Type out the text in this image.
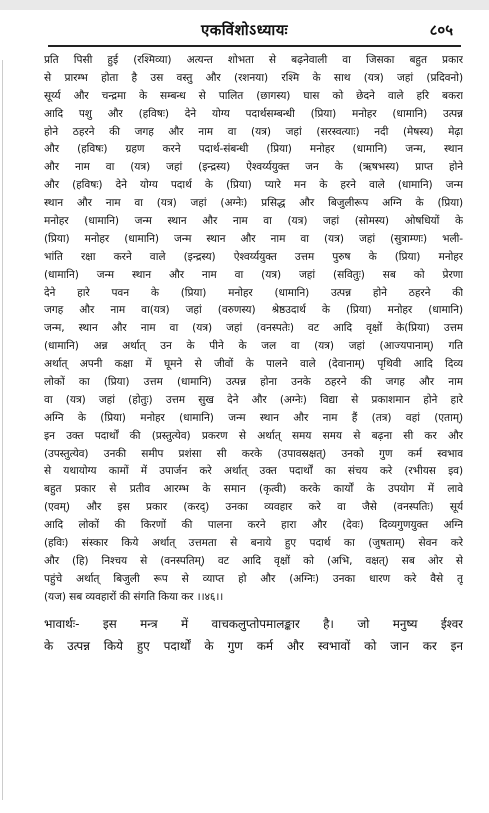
एकविंशोऽध्यायः	८०५
प्रति पिसी हुई (रश्मिव्या) अत्यन्त शोभता से बढ़नेवाली वा जिसका बहुत प्रकार
से प्रारम्भ होता है उस वस्तु और (रशनया) रश्मि के साथ (यत्र) जहां (प्रदिवनो)
सूर्य्य और चन्द्रमा के सम्बन्ध से पालित (छागस्य) घास को छेदने वाले हरि बकरा
आदि पशु और (हविषः) देने योग्य पदार्थसम्बन्धी (प्रिया) मनोहर (धामानि) उत्पन्न
होने ठहरने की जगह और नाम वा (यत्र) जहां (सरस्वत्याः) नदी (मेषस्य) मेढ़ा
और (हविषः) ग्रहण करने पदार्थ-संबन्धी (प्रिया) मनोहर (धामानि) जन्म, स्थान
और नाम वा (यत्र) जहां (इन्द्रस्य) ऐश्वर्य्ययुक्त जन के (ऋषभस्य) प्राप्त होने
और (हविषः) देने योग्य पदार्थ के (प्रिया) प्यारे मन के हरने वाले (धामानि) जन्म
स्थान और नाम वा (यत्र) जहां (अग्नेः) प्रसिद्ध और बिजुलीरूप अग्नि के (प्रिया)
मनोहर (धामानि) जन्म स्थान और नाम वा (यत्र) जहां (सोमस्य) ओषधियों के
(प्रिया) मनोहर (धामानि) जन्म स्थान और नाम वा (यत्र) जहां (सुत्राम्णः) भली-
भांति रक्षा करने वाले (इन्द्रस्य) ऐश्वर्य्ययुक्त उत्तम पुरुष के (प्रिया) मनोहर
(धामानि) जन्म स्थान और नाम वा (यत्र) जहां (सवितुः) सब को प्रेरणा
देने हारे पवन के (प्रिया) मनोहर (धामानि) उत्पन्न होने ठहरने की
जगह और नाम वा(यत्र) जहां (वरुणस्य) श्रेष्ठउदार्थ के (प्रिया) मनोहर (धामानि)
जन्म, स्थान और नाम वा (यत्र) जहां (वनस्पतेः) वट आदि वृक्षों के(प्रिया) उत्तम
(धामानि) अन्न अर्थात् उन के पीने के जल वा (यत्र) जहां (आज्यपानाम्) गति
अर्थात् अपनी कक्षा में घूमने से जीवों के पालने वाले (देवानाम्) पृथिवी आदि दिव्य
लोकों का (प्रिया) उत्तम (धामानि) उत्पन्न होना उनके ठहरने की जगह और नाम
वा (यत्र) जहां (होतुः) उत्तम सुख देने और (अग्नेः) विद्या से प्रकाशमान होने हारे
अग्नि के (प्रिया) मनोहर (धामानि) जन्म स्थान और नाम हैं (तत्र) वहां (एताम्)
इन उक्त पदार्थों की (प्रस्तुत्येव) प्रकरण से अर्थात् समय समय से बढ़ना सी कर और
(उपस्तुत्येव) उनकी समीप प्रशंसा सी करके (उपावस्रक्षत्) उनको गुण कर्म स्वभाव
से यथायोग्य कामों में उपार्जन करे अर्थात् उक्त पदार्थों का संचय करे (रभीयस इव)
बहुत प्रकार से प्रतीव आरम्भ के समान (कृत्वी) करके कार्यों के उपयोग में लावे
(एवम्) और इस प्रकार (करद्) उनका व्यवहार करे वा जैसे (वनस्पतिः) सूर्य
आदि लोकों की किरणों की पालना करने हारा और (देवः) दिव्यगुणयुक्त अग्नि
(हविः) संस्कार किये अर्थात् उत्तमता से बनाये हुए पदार्थ का (जुषताम्) सेवन करे
और (हि) निश्चय से (वनस्पतिम्) वट आदि वृक्षों को (अभि, वक्षत्) सब ओर से
पहुंचे अर्थात् बिजुली रूप से व्याप्त हो और (अग्निः) उनका धारण करे वैसे तू
(यज) सब व्यवहारों की संगति किया कर ।।४६।।
भावार्थः- इस मन्त्र में वाचकलुप्तोपमालङ्कार है। जो मनुष्य ईश्वर
के उत्पन्न किये हुए पदार्थों के गुण कर्म और स्वभावों को जान कर इन
